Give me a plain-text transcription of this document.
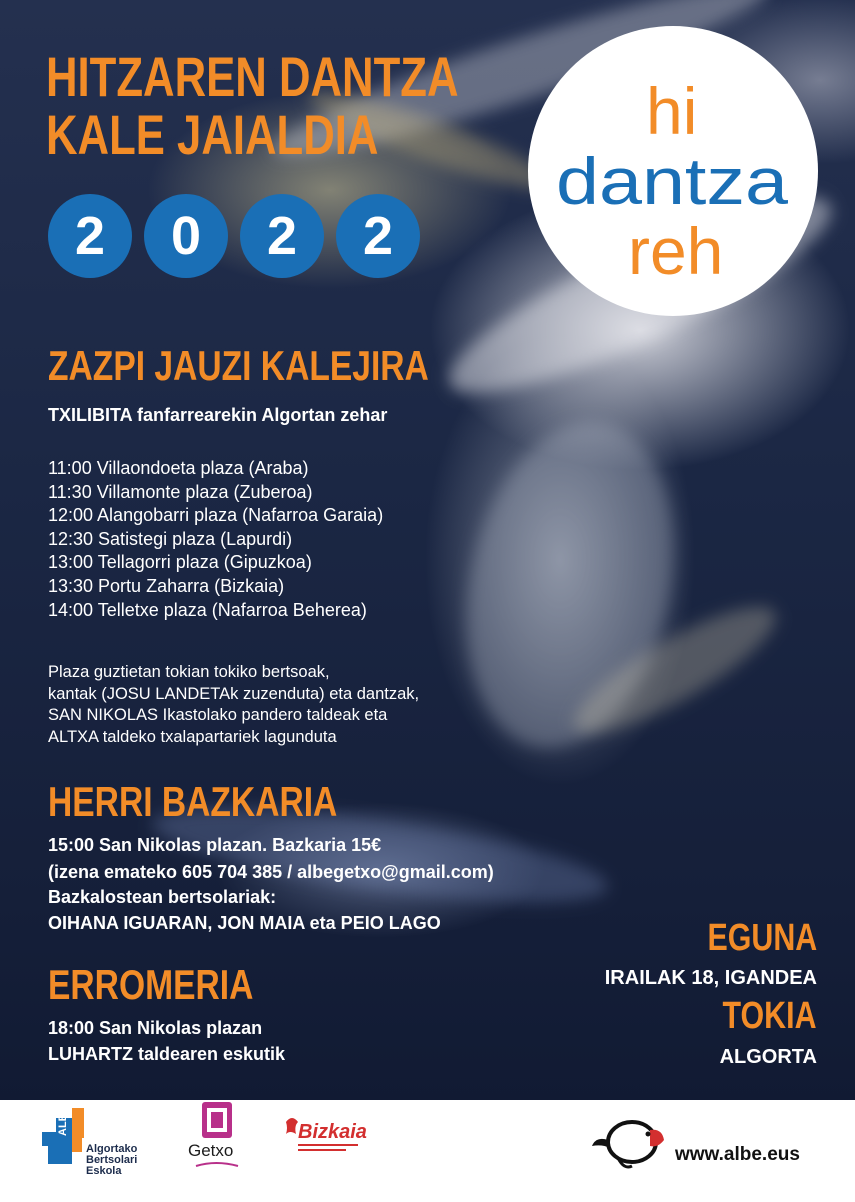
HITZAREN DANTZA
KALE JAIALDIA
2	0	2	2
hi
dantza
reh
ZAZPI JAUZI KALEJIRA
TXILIBITA fanfarrearekin Algortan zehar
11:00 Villaondoeta plaza (Araba)
11:30 Villamonte plaza (Zuberoa)
12:00 Alangobarri plaza (Nafarroa Garaia)
12:30 Satistegi plaza (Lapurdi)
13:00 Tellagorri plaza (Gipuzkoa)
13:30 Portu Zaharra (Bizkaia)
14:00 Telletxe plaza (Nafarroa Beherea)
Plaza guztietan tokian tokiko bertsoak,
kantak (JOSU LANDETAk zuzenduta) eta dantzak,
SAN NIKOLAS Ikastolako pandero taldeak eta
ALTXA taldeko txalapartariek lagunduta
HERRI BAZKARIA
15:00 San Nikolas plazan. Bazkaria 15€
(izena emateko 605 704 385 / albegetxo@gmail.com)
Bazkalostean bertsolariak:
OIHANA IGUARAN, JON MAIA eta PEIO LAGO
ERROMERIA
18:00 San Nikolas plazan
LUHARTZ taldearen eskutik
EGUNA
IRAILAK 18, IGANDEA
TOKIA
ALGORTA
ALBE
Algortako
Bertsolari
Eskola
Getxo
Bizkaia
www.albe.eus
